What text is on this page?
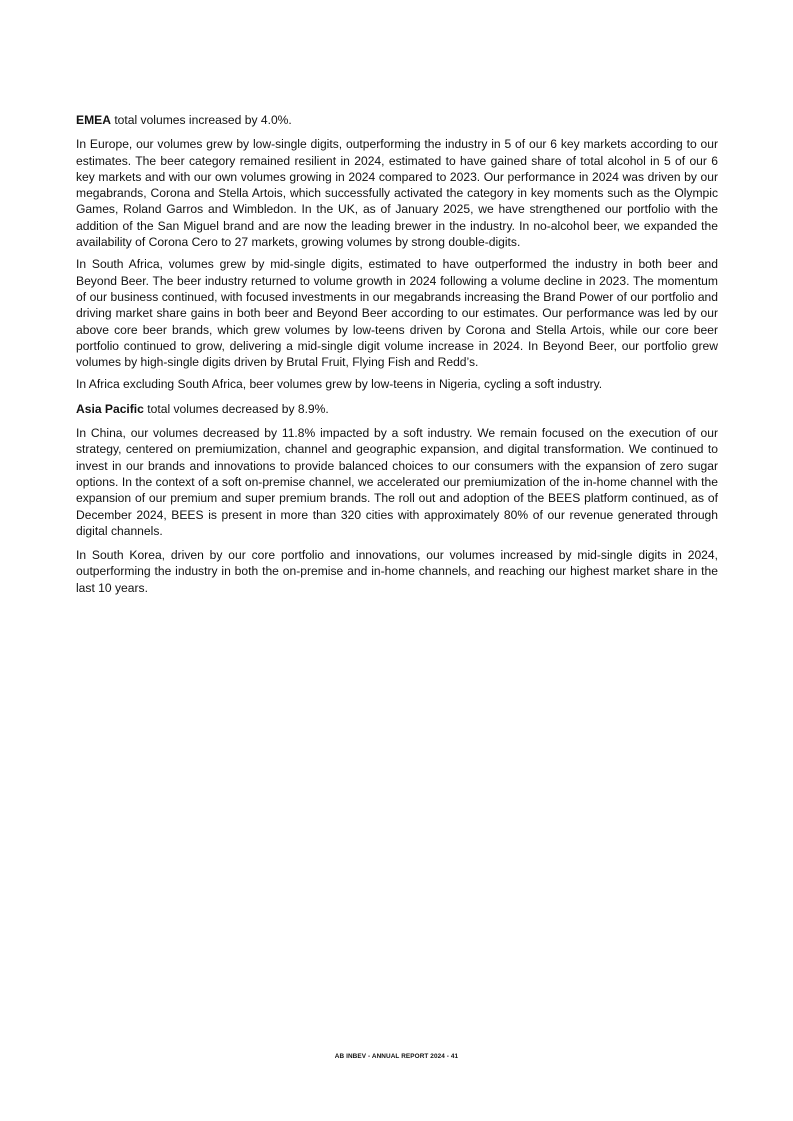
EMEA total volumes increased by 4.0%.

In Europe, our volumes grew by low-single digits, outperforming the industry in 5 of our 6 key markets according to our estimates. The beer category remained resilient in 2024, estimated to have gained share of total alcohol in 5 of our 6 key markets and with our own volumes growing in 2024 compared to 2023. Our performance in 2024 was driven by our megabrands, Corona and Stella Artois, which successfully activated the category in key moments such as the Olympic Games, Roland Garros and Wimbledon. In the UK, as of January 2025, we have strengthened our portfolio with the addition of the San Miguel brand and are now the leading brewer in the industry. In no-alcohol beer, we expanded the availability of Corona Cero to 27 markets, growing volumes by strong double-digits.

In South Africa, volumes grew by mid-single digits, estimated to have outperformed the industry in both beer and Beyond Beer. The beer industry returned to volume growth in 2024 following a volume decline in 2023. The momentum of our business continued, with focused investments in our megabrands increasing the Brand Power of our portfolio and driving market share gains in both beer and Beyond Beer according to our estimates. Our performance was led by our above core beer brands, which grew volumes by low-teens driven by Corona and Stella Artois, while our core beer portfolio continued to grow, delivering a mid-single digit volume increase in 2024. In Beyond Beer, our portfolio grew volumes by high-single digits driven by Brutal Fruit, Flying Fish and Redd’s.

In Africa excluding South Africa, beer volumes grew by low-teens in Nigeria, cycling a soft industry.

Asia Pacific total volumes decreased by 8.9%.

In China, our volumes decreased by 11.8% impacted by a soft industry. We remain focused on the execution of our strategy, centered on premiumization, channel and geographic expansion, and digital transformation. We continued to invest in our brands and innovations to provide balanced choices to our consumers with the expansion of zero sugar options. In the context of a soft on-premise channel, we accelerated our premiumization of the in-home channel with the expansion of our premium and super premium brands. The roll out and adoption of the BEES platform continued, as of December 2024, BEES is present in more than 320 cities with approximately 80% of our revenue generated through digital channels.

In South Korea, driven by our core portfolio and innovations, our volumes increased by mid-single digits in 2024, outperforming the industry in both the on-premise and in-home channels, and reaching our highest market share in the last 10 years.

AB INBEV - ANNUAL REPORT 2024 - 41
